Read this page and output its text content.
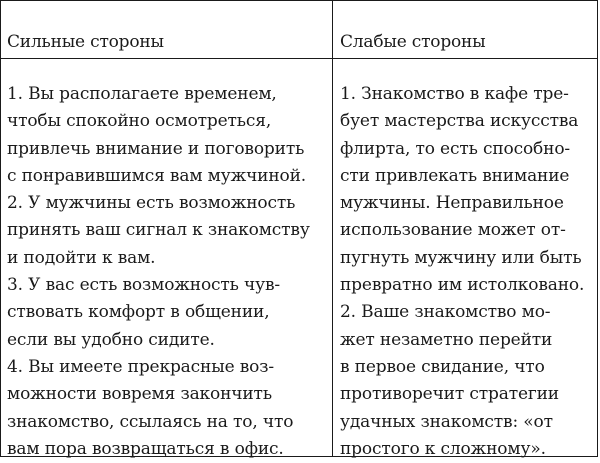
Сильные стороны	Слабые стороны
1. Вы располагаете временем,
чтобы спокойно осмотреться,
привлечь внимание и поговорить
с понравившимся вам мужчиной.
2. У мужчины есть возможность
принять ваш сигнал к знакомству
и подойти к вам.
3. У вас есть возможность чув-
ствовать комфорт в общении,
если вы удобно сидите.
4. Вы имеете прекрасные воз-
можности вовремя закончить
знакомство, ссылаясь на то, что
вам пора возвращаться в офис.
1. Знакомство в кафе тре-
бует мастерства искусства
флирта, то есть способно-
сти привлекать внимание
мужчины. Неправильное
использование может от-
пугнуть мужчину или быть
превратно им истолковано.
2. Ваше знакомство мо-
жет незаметно перейти
в первое свидание, что
противоречит стратегии
удачных знакомств: «от
простого к сложному».
